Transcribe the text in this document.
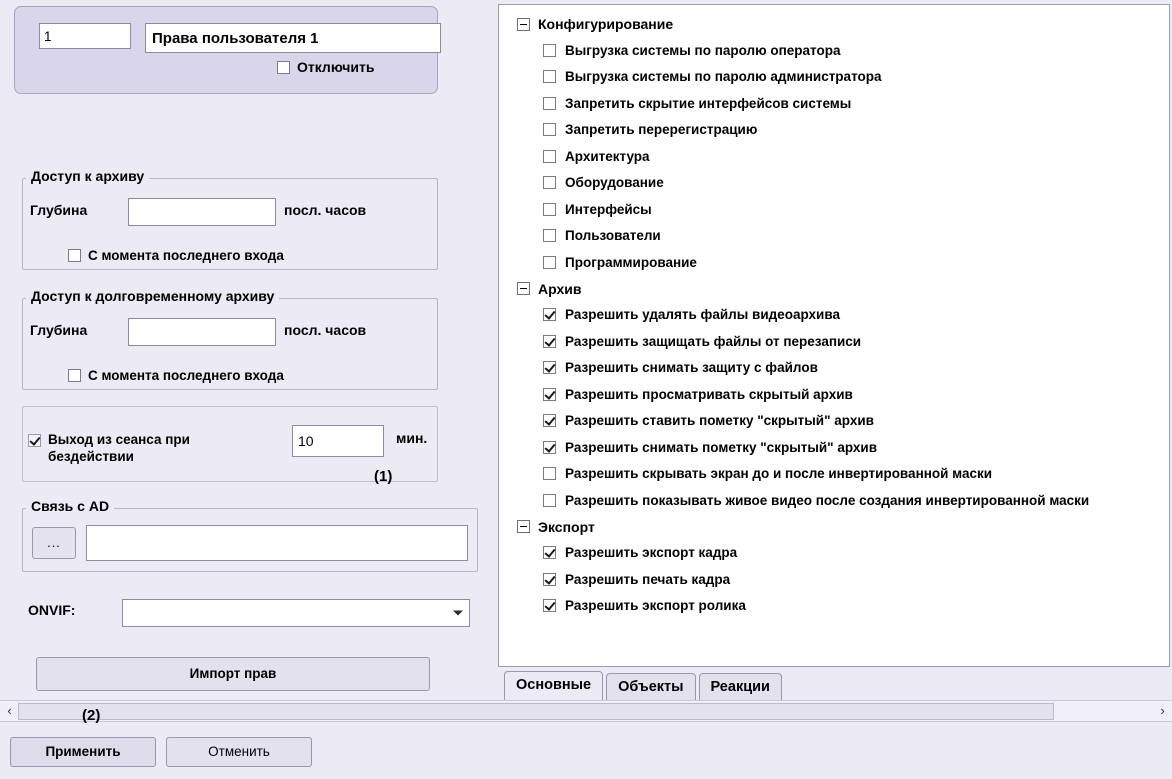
1
Права пользователя 1
Отключить
Доступ к архиву
Глубина	посл. часов
С момента последнего входа
Доступ к долговременному архиву
Глубина	посл. часов
С момента последнего входа
Выход из сеанса при бездействии
10
мин.
(1)
Связь с AD
...
ONVIF:
Импорт прав
Конфигурирование
Выгрузка системы по паролю оператора
Выгрузка системы по паролю администратора
Запретить скрытие интерфейсов системы
Запретить перерегистрацию
Архитектура
Оборудование
Интерфейсы
Пользователи
Программирование
Архив
Разрешить удалять файлы видеоархива
Разрешить защищать файлы от перезаписи
Разрешить снимать защиту с файлов
Разрешить просматривать скрытый архив
Разрешить ставить пометку "скрытый" архив
Разрешить снимать пометку "скрытый" архив
Разрешить скрывать экран до и после инвертированной маски
Разрешить показывать живое видео после создания инвертированной маски
Экспорт
Разрешить экспорт кадра
Разрешить печать кадра
Разрешить экспорт ролика
Основные	Объекты	Реакции
‹	›
(2)
Применить	Отменить
